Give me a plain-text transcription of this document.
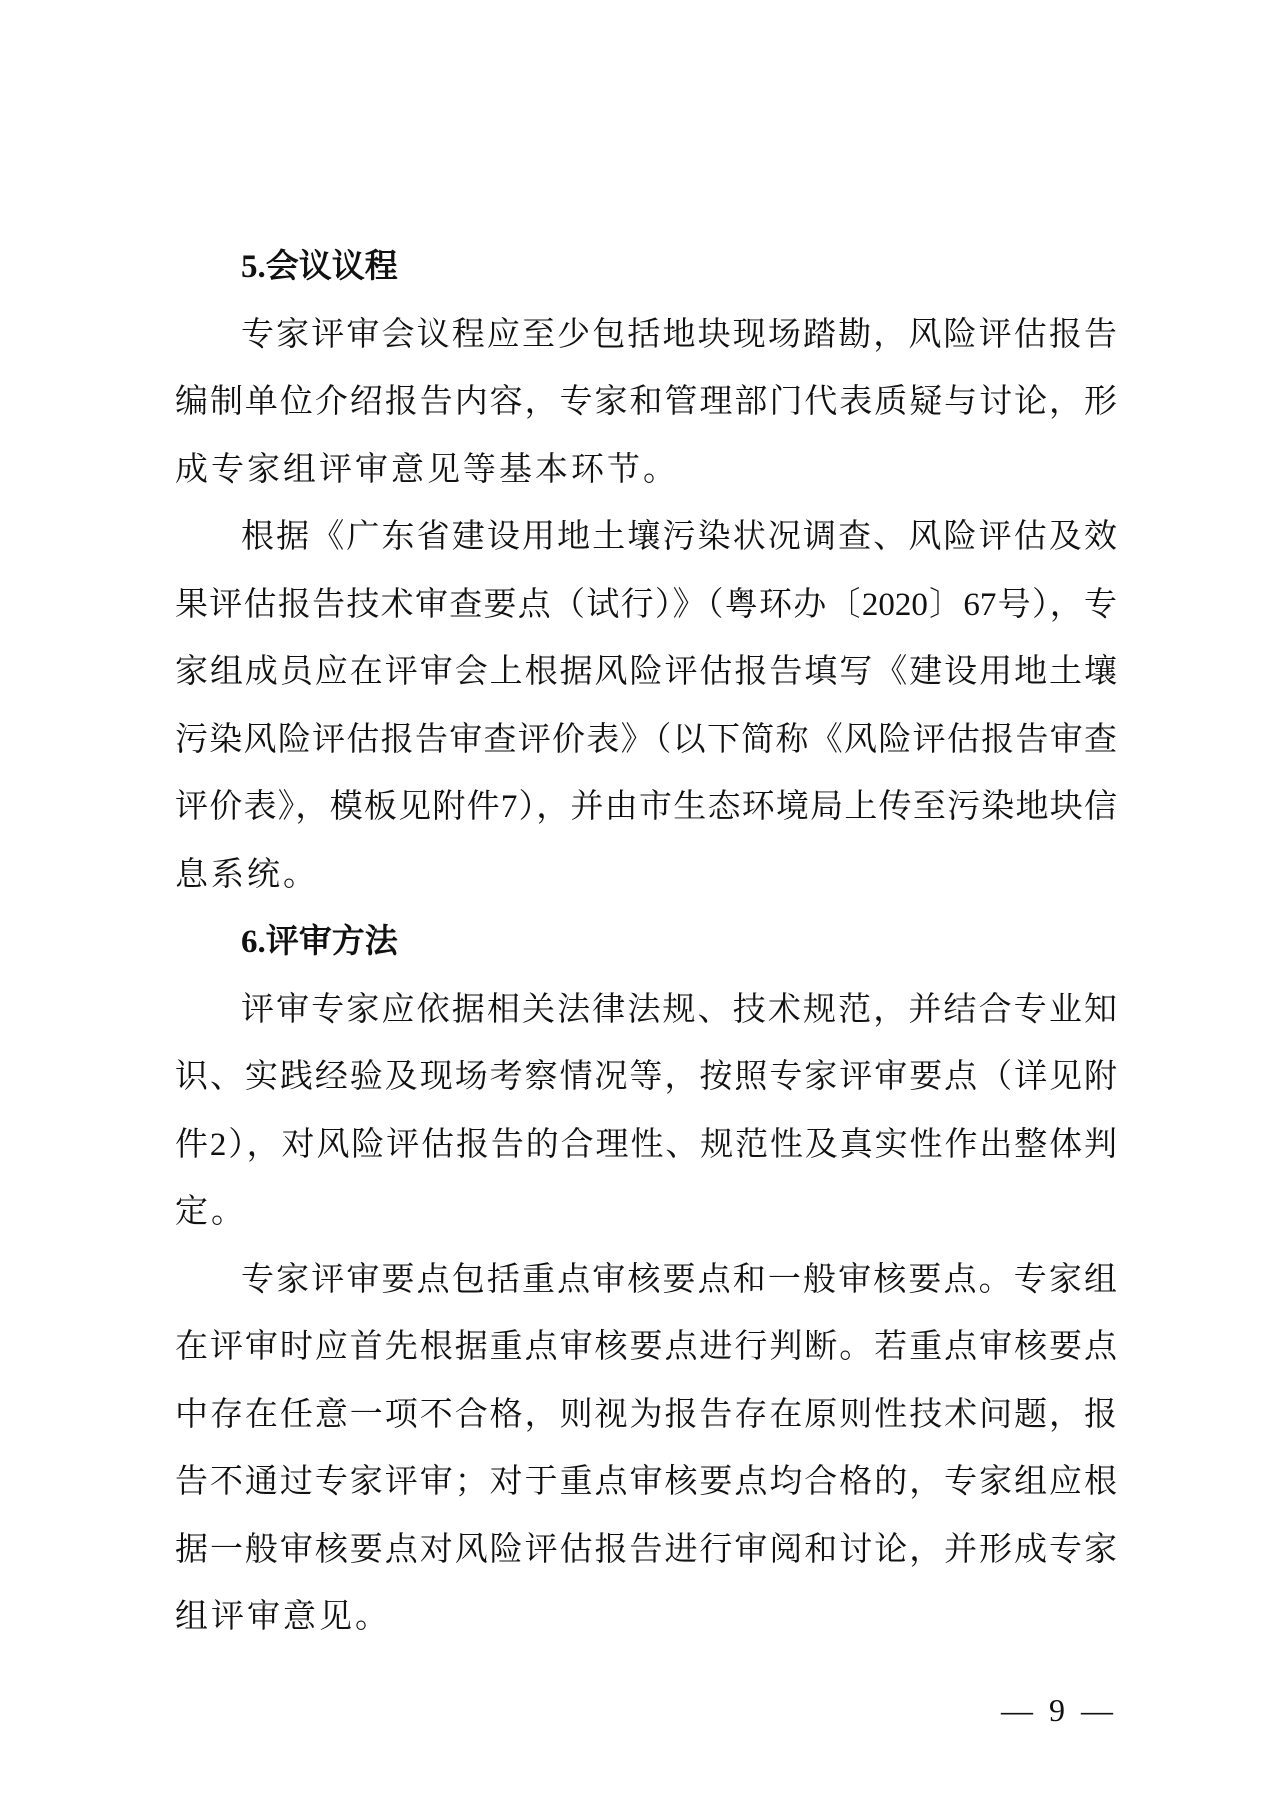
5.会议议程
专家评审会议程应至少包括地块现场踏勘，风险评估报告
编制单位介绍报告内容，专家和管理部门代表质疑与讨论，形
成专家组评审意见等基本环节。
根据《广东省建设用地土壤污染状况调查、风险评估及效
果评估报告技术审查要点（试行）》（粤环办〔2020〕67号），专
家组成员应在评审会上根据风险评估报告填写《建设用地土壤
污染风险评估报告审查评价表》（以下简称《风险评估报告审查
评价表》，模板见附件7），并由市生态环境局上传至污染地块信
息系统。
6.评审方法
评审专家应依据相关法律法规、技术规范，并结合专业知
识、实践经验及现场考察情况等，按照专家评审要点（详见附
件2），对风险评估报告的合理性、规范性及真实性作出整体判
定。
专家评审要点包括重点审核要点和一般审核要点。专家组
在评审时应首先根据重点审核要点进行判断。若重点审核要点
中存在任意一项不合格，则视为报告存在原则性技术问题，报
告不通过专家评审；对于重点审核要点均合格的，专家组应根
据一般审核要点对风险评估报告进行审阅和讨论，并形成专家
组评审意见。
— 9 —
